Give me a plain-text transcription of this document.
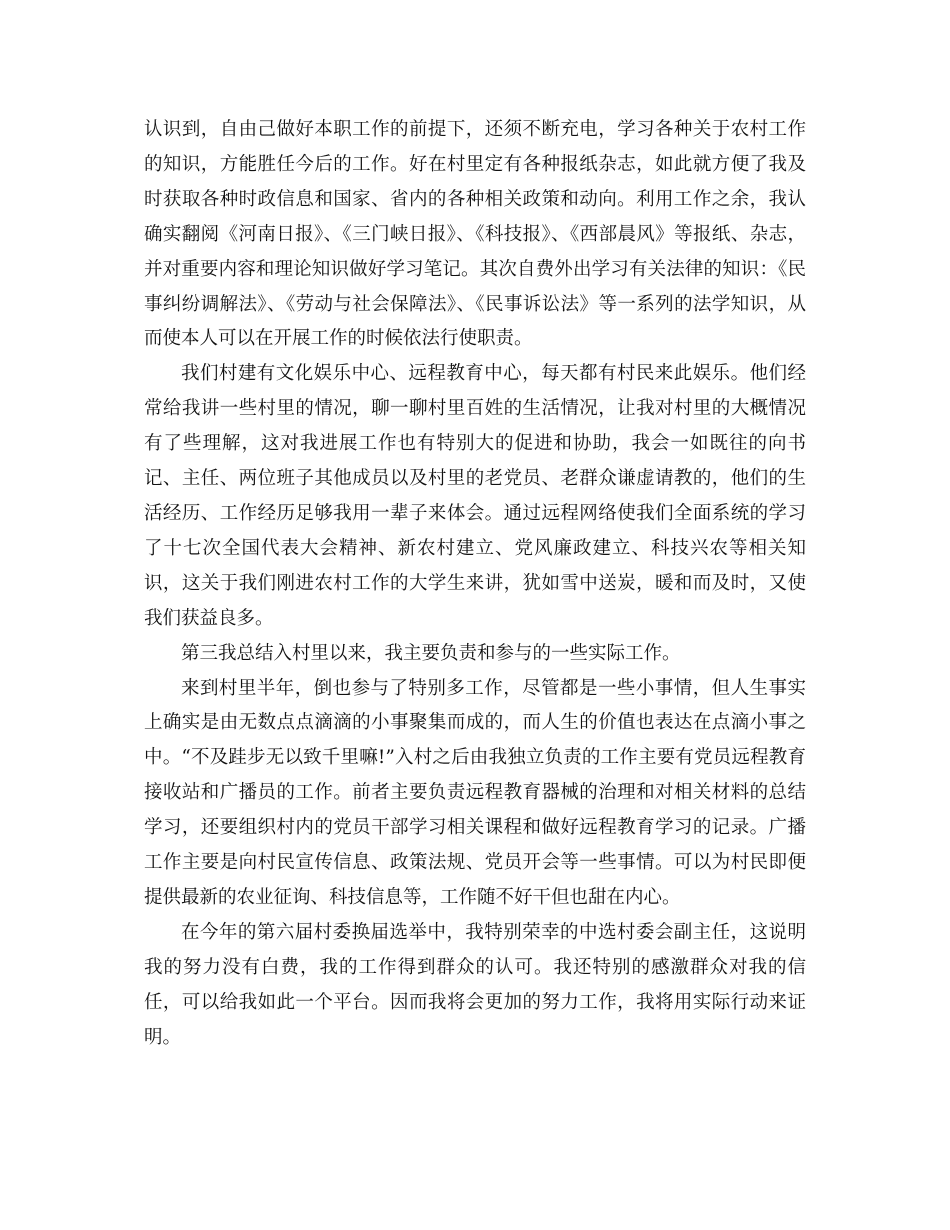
认识到，自由己做好本职工作的前提下，还须不断充电，学习各种关于农村工作的知识，方能胜任今后的工作。好在村里定有各种报纸杂志，如此就方便了我及时获取各种时政信息和国家、省内的各种相关政策和动向。利用工作之余，我认确实翻阅《河南日报》、《三门峡日报》、《科技报》、《西部晨风》等报纸、杂志，并对重要内容和理论知识做好学习笔记。其次自费外出学习有关法律的知识：《民事纠纷调解法》、《劳动与社会保障法》、《民事诉讼法》等一系列的法学知识，从而使本人可以在开展工作的时候依法行使职责。

我们村建有文化娱乐中心、远程教育中心，每天都有村民来此娱乐。他们经常给我讲一些村里的情况，聊一聊村里百姓的生活情况，让我对村里的大概情况有了些理解，这对我进展工作也有特别大的促进和协助，我会一如既往的向书记、主任、两位班子其他成员以及村里的老党员、老群众谦虚请教的，他们的生活经历、工作经历足够我用一辈子来体会。通过远程网络使我们全面系统的学习了十七次全国代表大会精神、新农村建立、党风廉政建立、科技兴农等相关知识，这关于我们刚进农村工作的大学生来讲，犹如雪中送炭，暖和而及时，又使我们获益良多。

第三我总结入村里以来，我主要负责和参与的一些实际工作。

来到村里半年，倒也参与了特别多工作，尽管都是一些小事情，但人生事实上确实是由无数点点滴滴的小事聚集而成的，而人生的价值也表达在点滴小事之中。“不及跬步无以致千里嘛!”入村之后由我独立负责的工作主要有党员远程教育接收站和广播员的工作。前者主要负责远程教育器械的治理和对相关材料的总结学习，还要组织村内的党员干部学习相关课程和做好远程教育学习的记录。广播工作主要是向村民宣传信息、政策法规、党员开会等一些事情。可以为村民即便提供最新的农业征询、科技信息等，工作随不好干但也甜在内心。

在今年的第六届村委换届选举中，我特别荣幸的中选村委会副主任，这说明我的努力没有白费，我的工作得到群众的认可。我还特别的感激群众对我的信任，可以给我如此一个平台。因而我将会更加的努力工作，我将用实际行动来证明。
